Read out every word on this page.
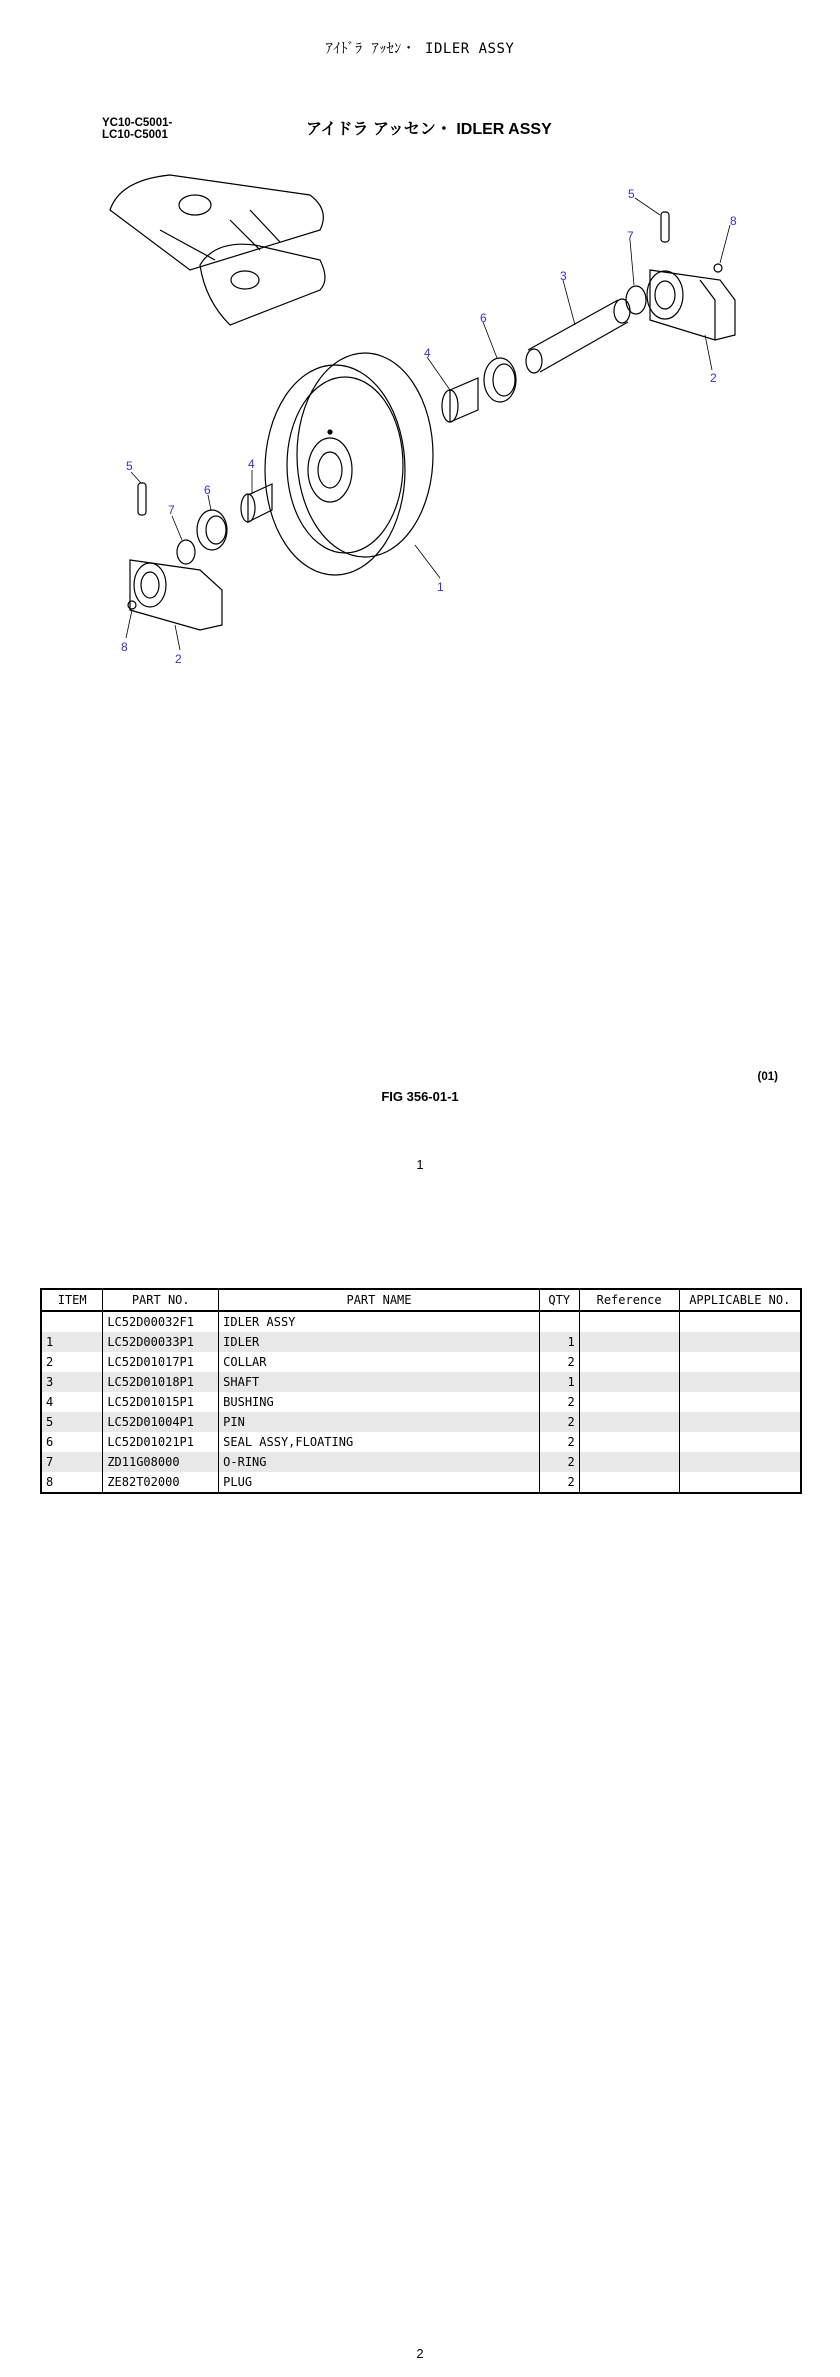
ｱｲﾄﾞﾗ ｱｯｾﾝ・ IDLER ASSY
YC10-C5001-
LC10-C5001	アイドラ アッセン・ IDLER ASSY
5
8
7
3
6
4
2
5
7
6
4
1
8
2
(01)
FIG 356-01-1
1
ITEM	PART NO.	PART NAME	QTY	Reference	APPLICABLE NO.
	LC52D00032F1	IDLER ASSY			
1	LC52D00033P1	IDLER	1		
2	LC52D01017P1	COLLAR	2		
3	LC52D01018P1	SHAFT	1		
4	LC52D01015P1	BUSHING	2		
5	LC52D01004P1	PIN	2		
6	LC52D01021P1	SEAL ASSY,FLOATING	2		
7	ZD11G08000	O-RING	2		
8	ZE82T02000	PLUG	2		
2
